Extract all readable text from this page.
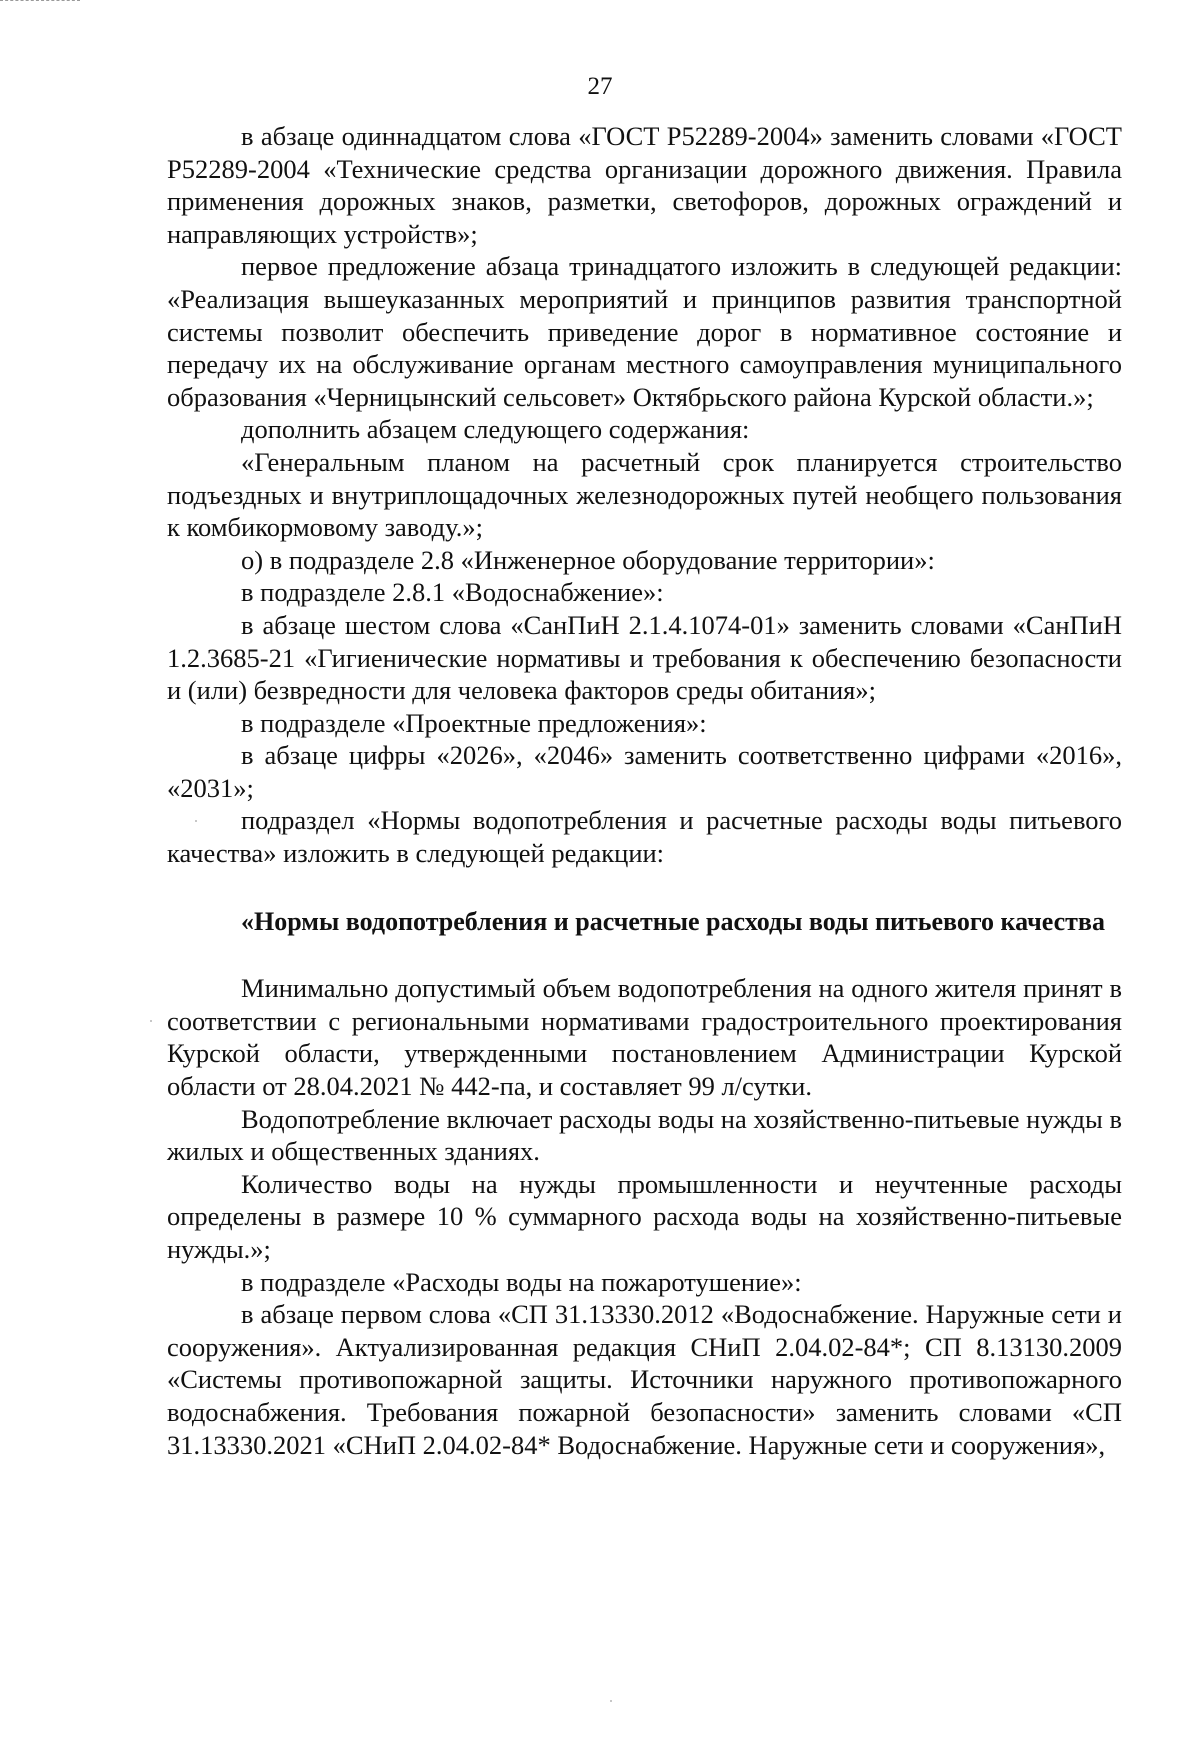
27

в абзаце одиннадцатом слова «ГОСТ Р52289-2004» заменить словами «ГОСТ Р52289-2004 «Технические средства организации дорожного движения. Правила применения дорожных знаков, разметки, светофоров, дорожных ограждений и направляющих устройств»;

первое предложение абзаца тринадцатого изложить в следующей редакции: «Реализация вышеуказанных мероприятий и принципов развития транспортной системы позволит обеспечить приведение дорог в нормативное состояние и передачу их на обслуживание органам местного самоуправления муниципального образования «Черницынский сельсовет» Октябрьского района Курской области.»;

дополнить абзацем следующего содержания:

«Генеральным планом на расчетный срок планируется строительство подъездных и внутриплощадочных железнодорожных путей необщего пользования к комбикормовому заводу.»;

о) в подразделе 2.8 «Инженерное оборудование территории»:

в подразделе 2.8.1 «Водоснабжение»:

в абзаце шестом слова «СанПиН 2.1.4.1074-01» заменить словами «СанПиН 1.2.3685-21 «Гигиенические нормативы и требования к обеспечению безопасности и (или) безвредности для человека факторов среды обитания»;

в подразделе «Проектные предложения»:

в абзаце цифры «2026», «2046» заменить соответственно цифрами «2016», «2031»;

подраздел «Нормы водопотребления и расчетные расходы воды питьевого качества» изложить в следующей редакции:

«Нормы водопотребления и расчетные расходы воды питьевого качества

Минимально допустимый объем водопотребления на одного жителя принят в соответствии с региональными нормативами градостроительного проектирования Курской области, утвержденными постановлением Администрации Курской области от 28.04.2021 № 442-па, и составляет 99 л/сутки.

Водопотребление включает расходы воды на хозяйственно-питьевые нужды в жилых и общественных зданиях.

Количество воды на нужды промышленности и неучтенные расходы определены в размере 10 % суммарного расхода воды на хозяйственно-питьевые нужды.»;

в подразделе «Расходы воды на пожаротушение»:

в абзаце первом слова «СП 31.13330.2012 «Водоснабжение. Наружные сети и сооружения». Актуализированная редакция СНиП 2.04.02-84*; СП 8.13130.2009 «Системы противопожарной защиты. Источники наружного противопожарного водоснабжения. Требования пожарной безопасности» заменить словами «СП 31.13330.2021 «СНиП 2.04.02-84* Водоснабжение. Наружные сети и сооружения»,
